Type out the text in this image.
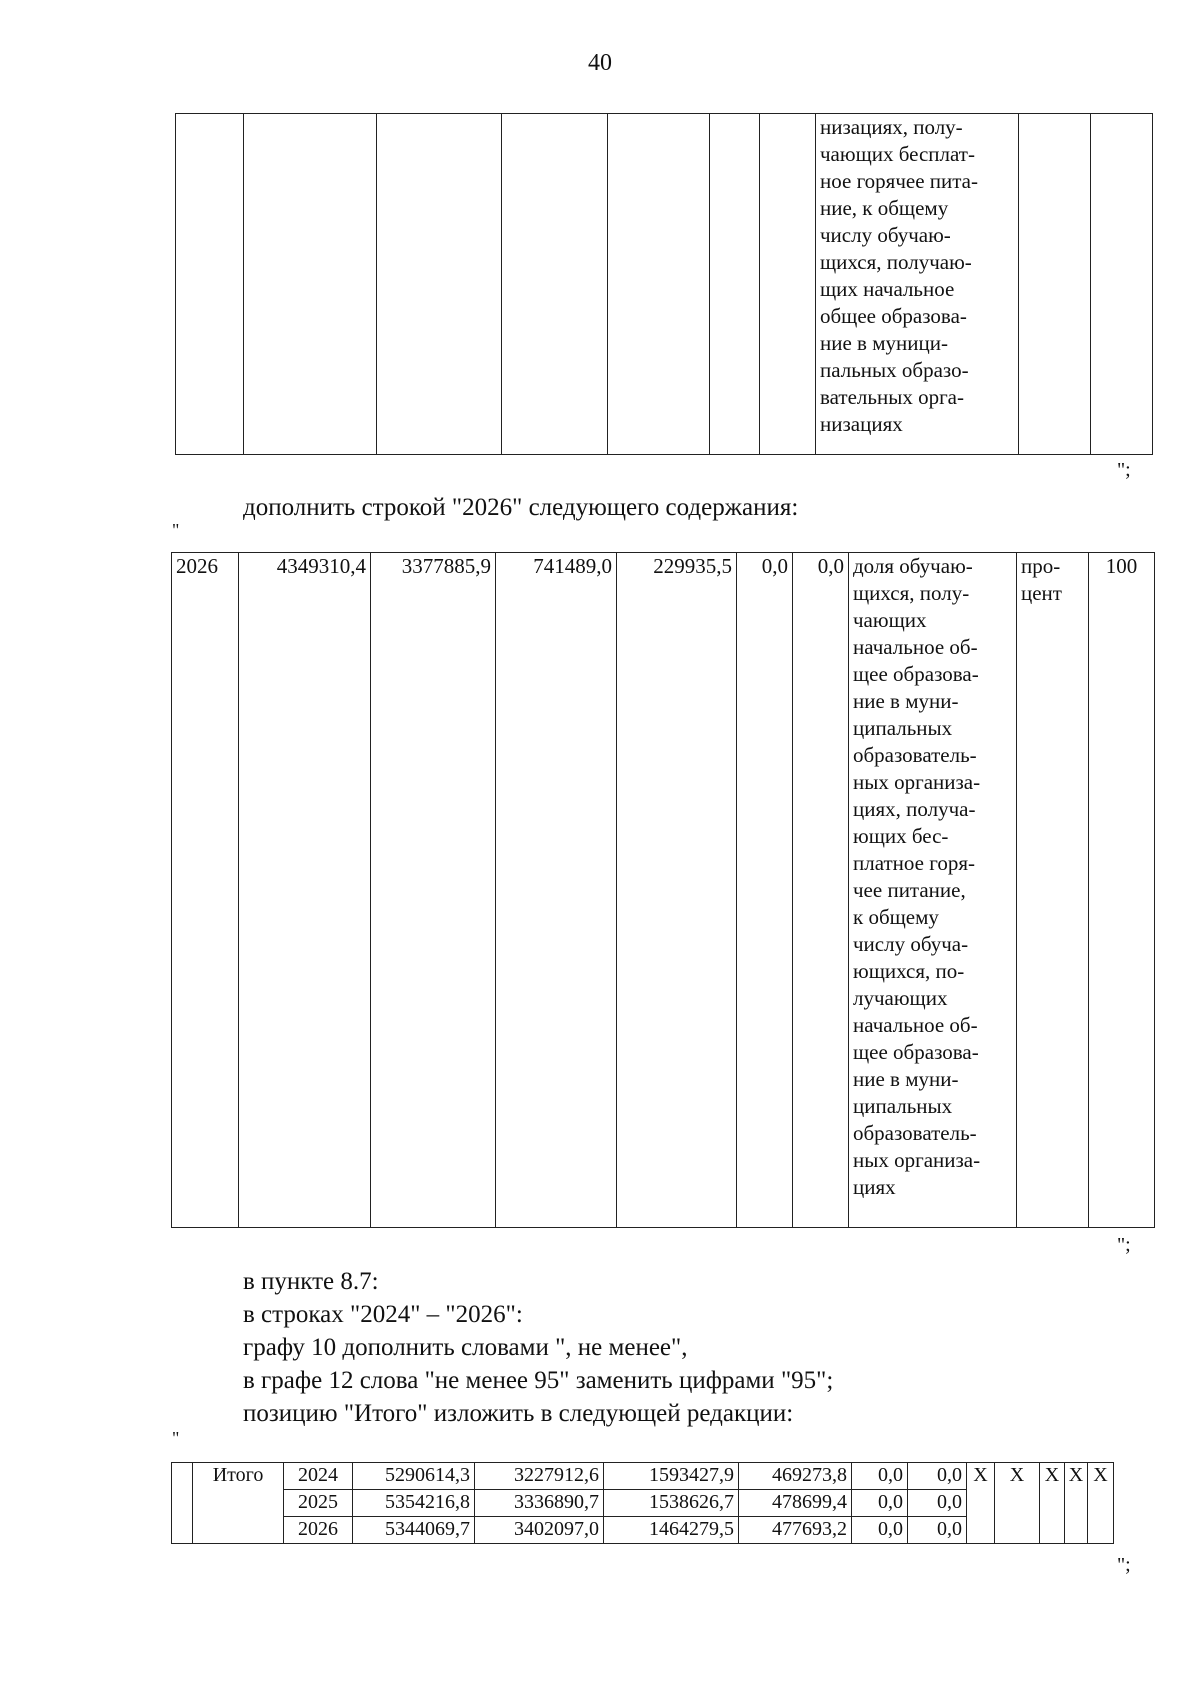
40
							низациях, полу-
чающих бесплат-
ное горячее пита-
ние, к общему
числу обучаю-
щихся, получаю-
щих начальное
общее образова-
ние в муници-
пальных образо-
вательных орга-
низациях		
";
дополнить строкой "2026" следующего содержания:
"
2026	4349310,4	3377885,9	741489,0	229935,5	0,0	0,0	доля обучаю-
щихся, полу-
чающих
начальное об-
щее образова-
ние в муни-
ципальных
образователь-
ных организа-
циях, получа-
ющих бес-
платное горя-
чее питание,
к общему
числу обуча-
ющихся, по-
лучающих
начальное об-
щее образова-
ние в муни-
ципальных
образователь-
ных организа-
циях	про-
цент	100
";
в пункте 8.7:
в строках "2024" – "2026":
графу 10 дополнить словами ", не менее",
в графе 12 слова "не менее 95" заменить цифрами "95";
позицию "Итого" изложить в следующей редакции:
"
	Итого	2024	5290614,3	3227912,6	1593427,9	469273,8	0,0	0,0	X	X	X	X	X
		2025	5354216,8	3336890,7	1538626,7	478699,4	0,0	0,0					
		2026	5344069,7	3402097,0	1464279,5	477693,2	0,0	0,0					
";
